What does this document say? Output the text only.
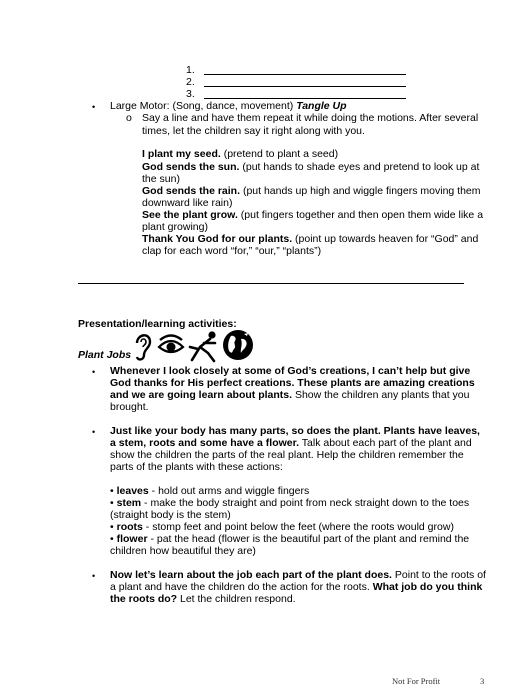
1.
2.
3.
• Large Motor: (Song, dance, movement) Tangle Up
o Say a line and have them repeat it while doing the motions. After several
times, let the children say it right along with you.
I plant my seed. (pretend to plant a seed)
God sends the sun. (put hands to shade eyes and pretend to look up at
the sun)
God sends the rain. (put hands up high and wiggle fingers moving them
downward like rain)
See the plant grow. (put fingers together and then open them wide like a
plant growing)
Thank You God for our plants. (point up towards heaven for “God” and
clap for each word “for,” “our,” “plants”)
Presentation/learning activities:
Plant Jobs

• Whenever I look closely at some of God’s creations, I can’t help but give
God thanks for His perfect creations. These plants are amazing creations
and we are going learn about plants. Show the children any plants that you
brought.
• Just like your body has many parts, so does the plant. Plants have leaves,
a stem, roots and some have a flower. Talk about each part of the plant and
show the children the parts of the real plant. Help the children remember the
parts of the plants with these actions:
• leaves - hold out arms and wiggle fingers
• stem - make the body straight and point from neck straight down to the toes
(straight body is the stem)
• roots - stomp feet and point below the feet (where the roots would grow)
• flower - pat the head (flower is the beautiful part of the plant and remind the
children how beautiful they are)
• Now let’s learn about the job each part of the plant does. Point to the roots of
a plant and have the children do the action for the roots. What job do you think
the roots do? Let the children respond.
Not For Profit	3
